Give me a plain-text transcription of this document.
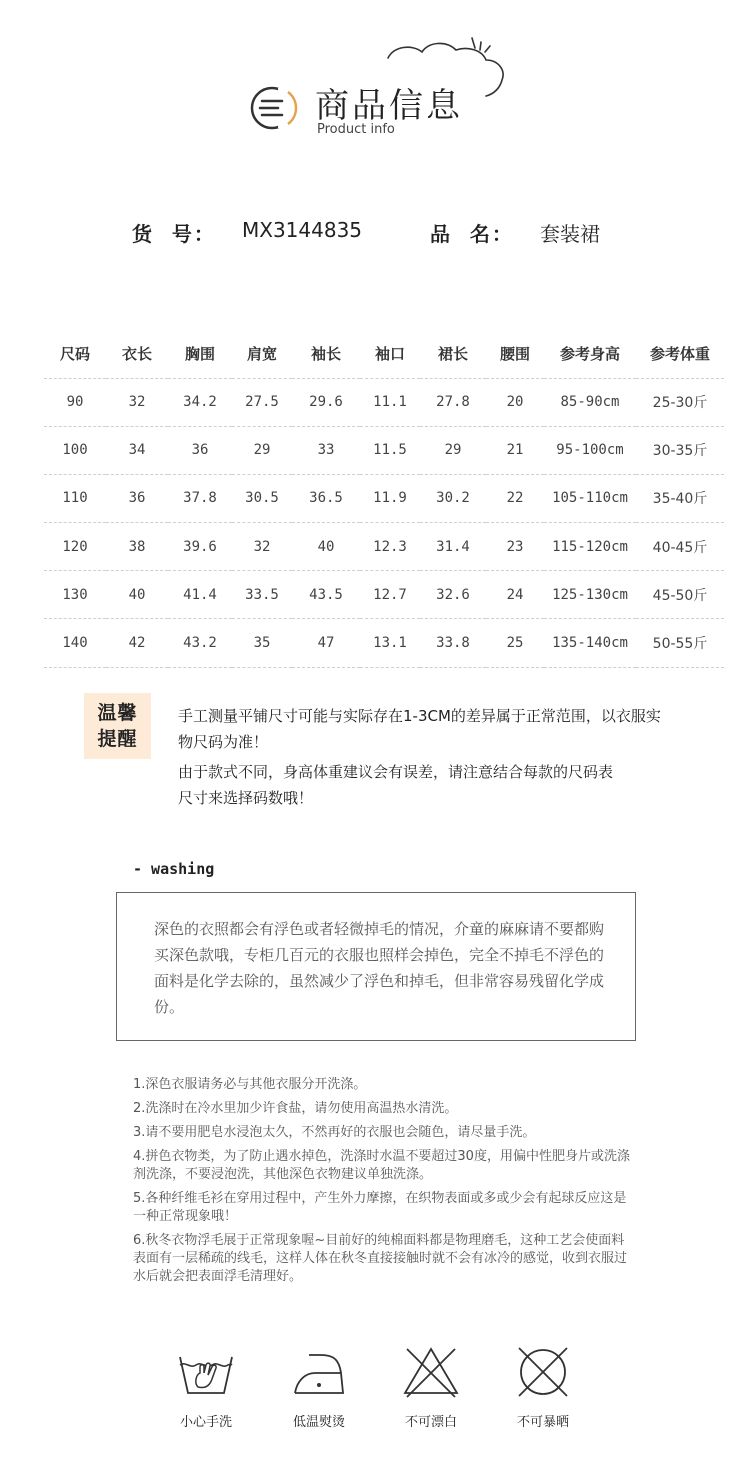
商品信息
Product info
货  号： MX3144835	品  名： 套装裙
尺码	衣长	胸围	肩宽	袖长	袖口	裙长	腰围	参考身高	参考体重
90	32	34.2	27.5	29.6	11.1	27.8	20	85-90cm	25-30斤
100	34	36	29	33	11.5	29	21	95-100cm	30-35斤
110	36	37.8	30.5	36.5	11.9	30.2	22	105-110cm	35-40斤
120	38	39.6	32	40	12.3	31.4	23	115-120cm	40-45斤
130	40	41.4	33.5	43.5	12.7	32.6	24	125-130cm	45-50斤
140	42	43.2	35	47	13.1	33.8	25	135-140cm	50-55斤
温馨
提醒
手工测量平铺尺寸可能与实际存在1-3CM的差异属于正常范围，以衣服实物尺码为准！
由于款式不同，身高体重建议会有误差，请注意结合每款的尺码表尺寸来选择码数哦！
- washing
深色的衣照都会有浮色或者轻微掉毛的情况，介童的麻麻请不要都购买深色款哦，专柜几百元的衣服也照样会掉色，完全不掉毛不浮色的面料是化学去除的，虽然减少了浮色和掉毛，但非常容易残留化学成份。
1.深色衣服请务必与其他衣服分开洗涤。
2.洗涤时在冷水里加少许食盐，请勿使用高温热水清洗。
3.请不要用肥皂水浸泡太久，不然再好的衣服也会随色，请尽量手洗。
4.拼色衣物类，为了防止遇水掉色，洗涤时水温不要超过30度，用偏中性肥身片或洗涤剂洗涤，不要浸泡洗，其他深色衣物建议单独洗涤。
5.各种纤维毛衫在穿用过程中，产生外力摩擦，在织物表面或多或少会有起球反应这是一种正常现象哦！
6.秋冬衣物浮毛展于正常现象喔~目前好的纯棉面料都是物理磨毛，这种工艺会使面料表面有一层稀疏的线毛，这样人体在秋冬直接接触时就不会有冰冷的感觉，收到衣服过水后就会把表面浮毛清理好。
小心手洗	低温熨烫	不可漂白	不可暴晒
